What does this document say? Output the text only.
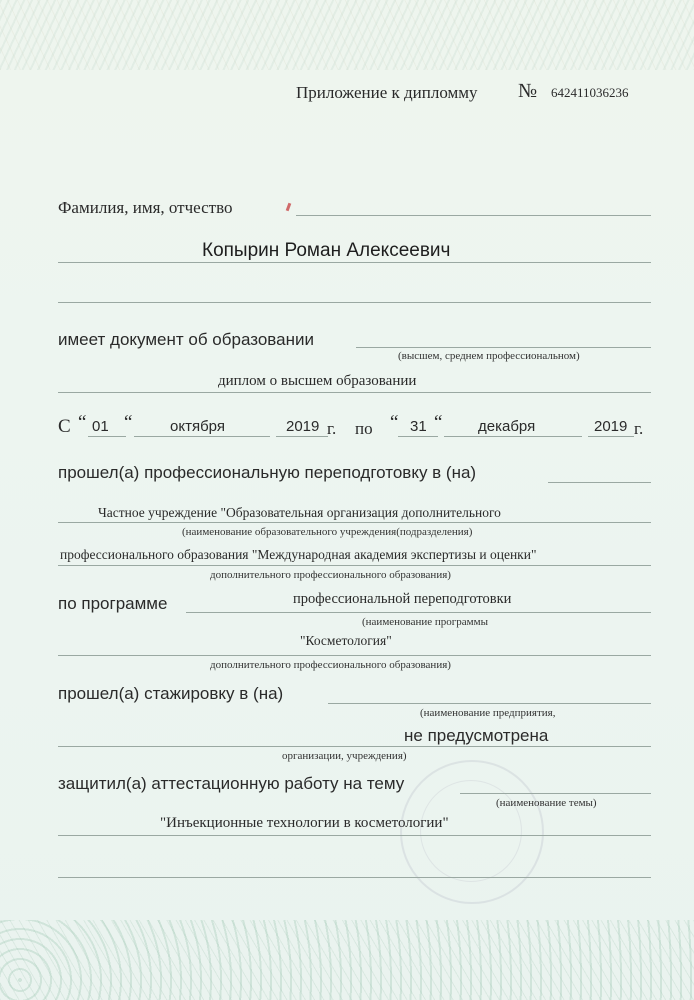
Приложение к дипломму № 642411036236
Фамилия, имя, отчество
Копырин Роман Алексеевич
имеет документ об образовании
(высшем, среднем профессиональном)
диплом о высшем образовании
С “ 01 “	октября	2019 г. по “ 31 “ декабря	2019 г.
прошел(а) профессиональную переподготовку в (на)
Частное учреждение "Образовательная организация дополнительного
(наименование образовательного учреждения(подразделения)
профессионального образования "Международная академия экспертизы и оценки"
дополнительного профессионального образования)
по программе	профессиональной переподготовки
(наименование программы
"Косметология"
дополнительного профессионального образования)
прошел(а) стажировку в (на)
(наименование предприятия,
не предусмотрена
организации, учреждения)
защитил(а) аттестационную работу на тему
(наименование темы)
"Инъекционные технологии в косметологии"
